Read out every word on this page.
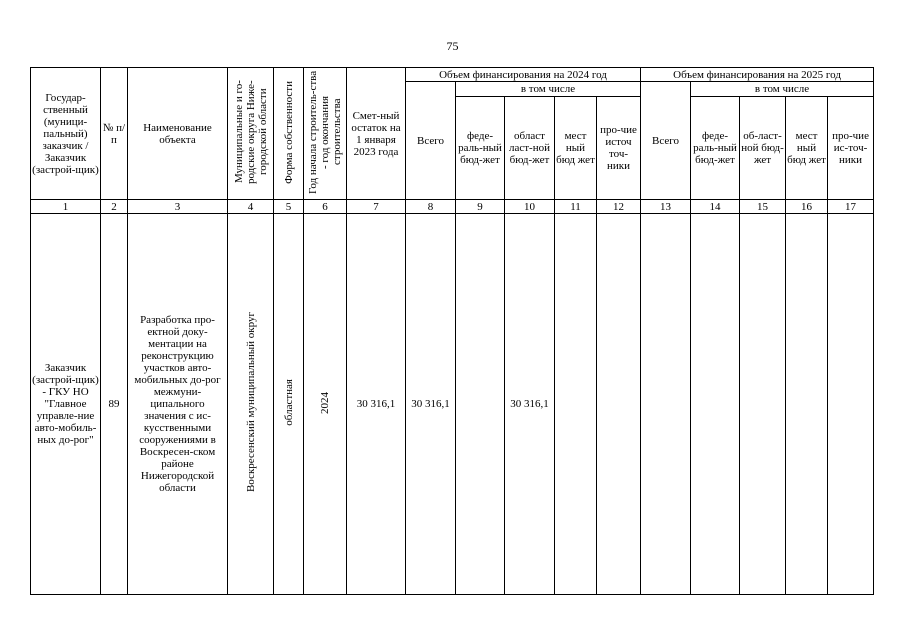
75
Государ-ственный (муници-пальный) заказчик / Заказчик (застрой-щик)	№ п/ п	Наименование объекта	Муниципальные и го-родские округа Ниже-городской области	Форма собственности	Год начала строитель-ства - год окончания строительства	Смет-ный остаток на 1 января 2023 года	Объем финансирования на 2024 год					Объем финансирования на 2025 год				
							Всего	в том числе				Всего	в том числе			
								феде-раль-ный бюд-жет	област ласт-ной бюд-жет	мест ный бюд жет	про-чие источ точ-ники		феде-раль-ный бюд-жет	об-ласт-ной бюд-жет	мест ный бюд жет	про-чие ис-точ-ники
1	2	3	4	5	6	7	8	9	10	11	12	13	14	15	16	17
Заказчик (застрой-щик) - ГКУ НО "Главное управле-ние авто-мобиль-ных до-рог"	89	Разработка про-ектной доку-ментации на реконструкцию участков авто-мобильных до-рог межмуни-ципального значения с ис-кусственными сооружениями в Воскресен-ском районе Нижегородской области	Воскресенский муниципальный округ	областная	2024	30 316,1	30 316,1		30 316,1							
